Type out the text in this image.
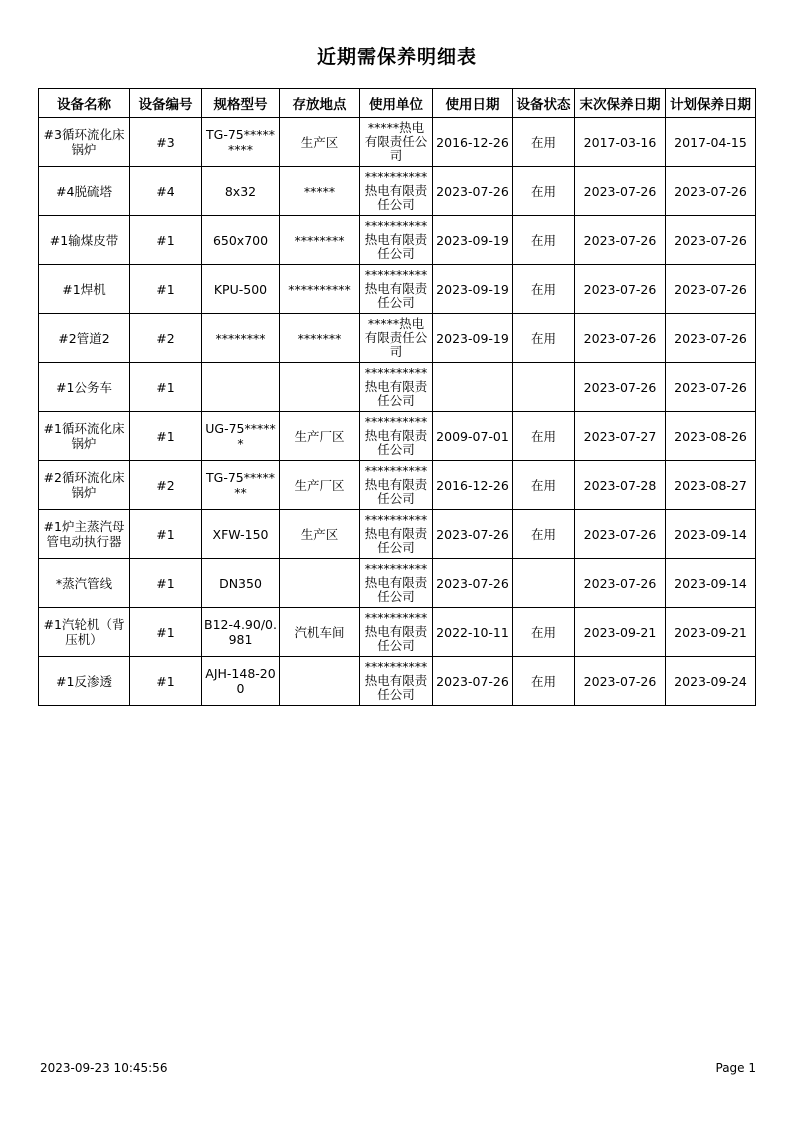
近期需保养明细表
设备名称	设备编号	规格型号	存放地点	使用单位	使用日期	设备状态	末次保养日期	计划保养日期
#3循环流化床锅炉	#3	TG-75*********	生产区	*****热电有限责任公司	2016-12-26	在用	2017-03-16	2017-04-15
#4脱硫塔	#4	8x32	*****	**********热电有限责任公司	2023-07-26	在用	2023-07-26	2023-07-26
#1输煤皮带	#1	650x700	********	**********热电有限责任公司	2023-09-19	在用	2023-07-26	2023-07-26
#1焊机	#1	KPU-500	**********	**********热电有限责任公司	2023-09-19	在用	2023-07-26	2023-07-26
#2管道2	#2	********	*******	*****热电有限责任公司	2023-09-19	在用	2023-07-26	2023-07-26
#1公务车	#1			**********热电有限责任公司			2023-07-26	2023-07-26
#1循环流化床锅炉	#1	UG-75******	生产厂区	**********热电有限责任公司	2009-07-01	在用	2023-07-27	2023-08-26
#2循环流化床锅炉	#2	TG-75*******	生产厂区	**********热电有限责任公司	2016-12-26	在用	2023-07-28	2023-08-27
#1炉主蒸汽母管电动执行器	#1	XFW-150	生产区	**********热电有限责任公司	2023-07-26	在用	2023-07-26	2023-09-14
*蒸汽管线	#1	DN350		**********热电有限责任公司	2023-07-26		2023-07-26	2023-09-14
#1汽轮机（背压机）	#1	B12-4.90/0.981	汽机车间	**********热电有限责任公司	2022-10-11	在用	2023-09-21	2023-09-21
#1反渗透	#1	AJH-148-200		**********热电有限责任公司	2023-07-26	在用	2023-07-26	2023-09-24
2023-09-23 10:45:56	Page 1
